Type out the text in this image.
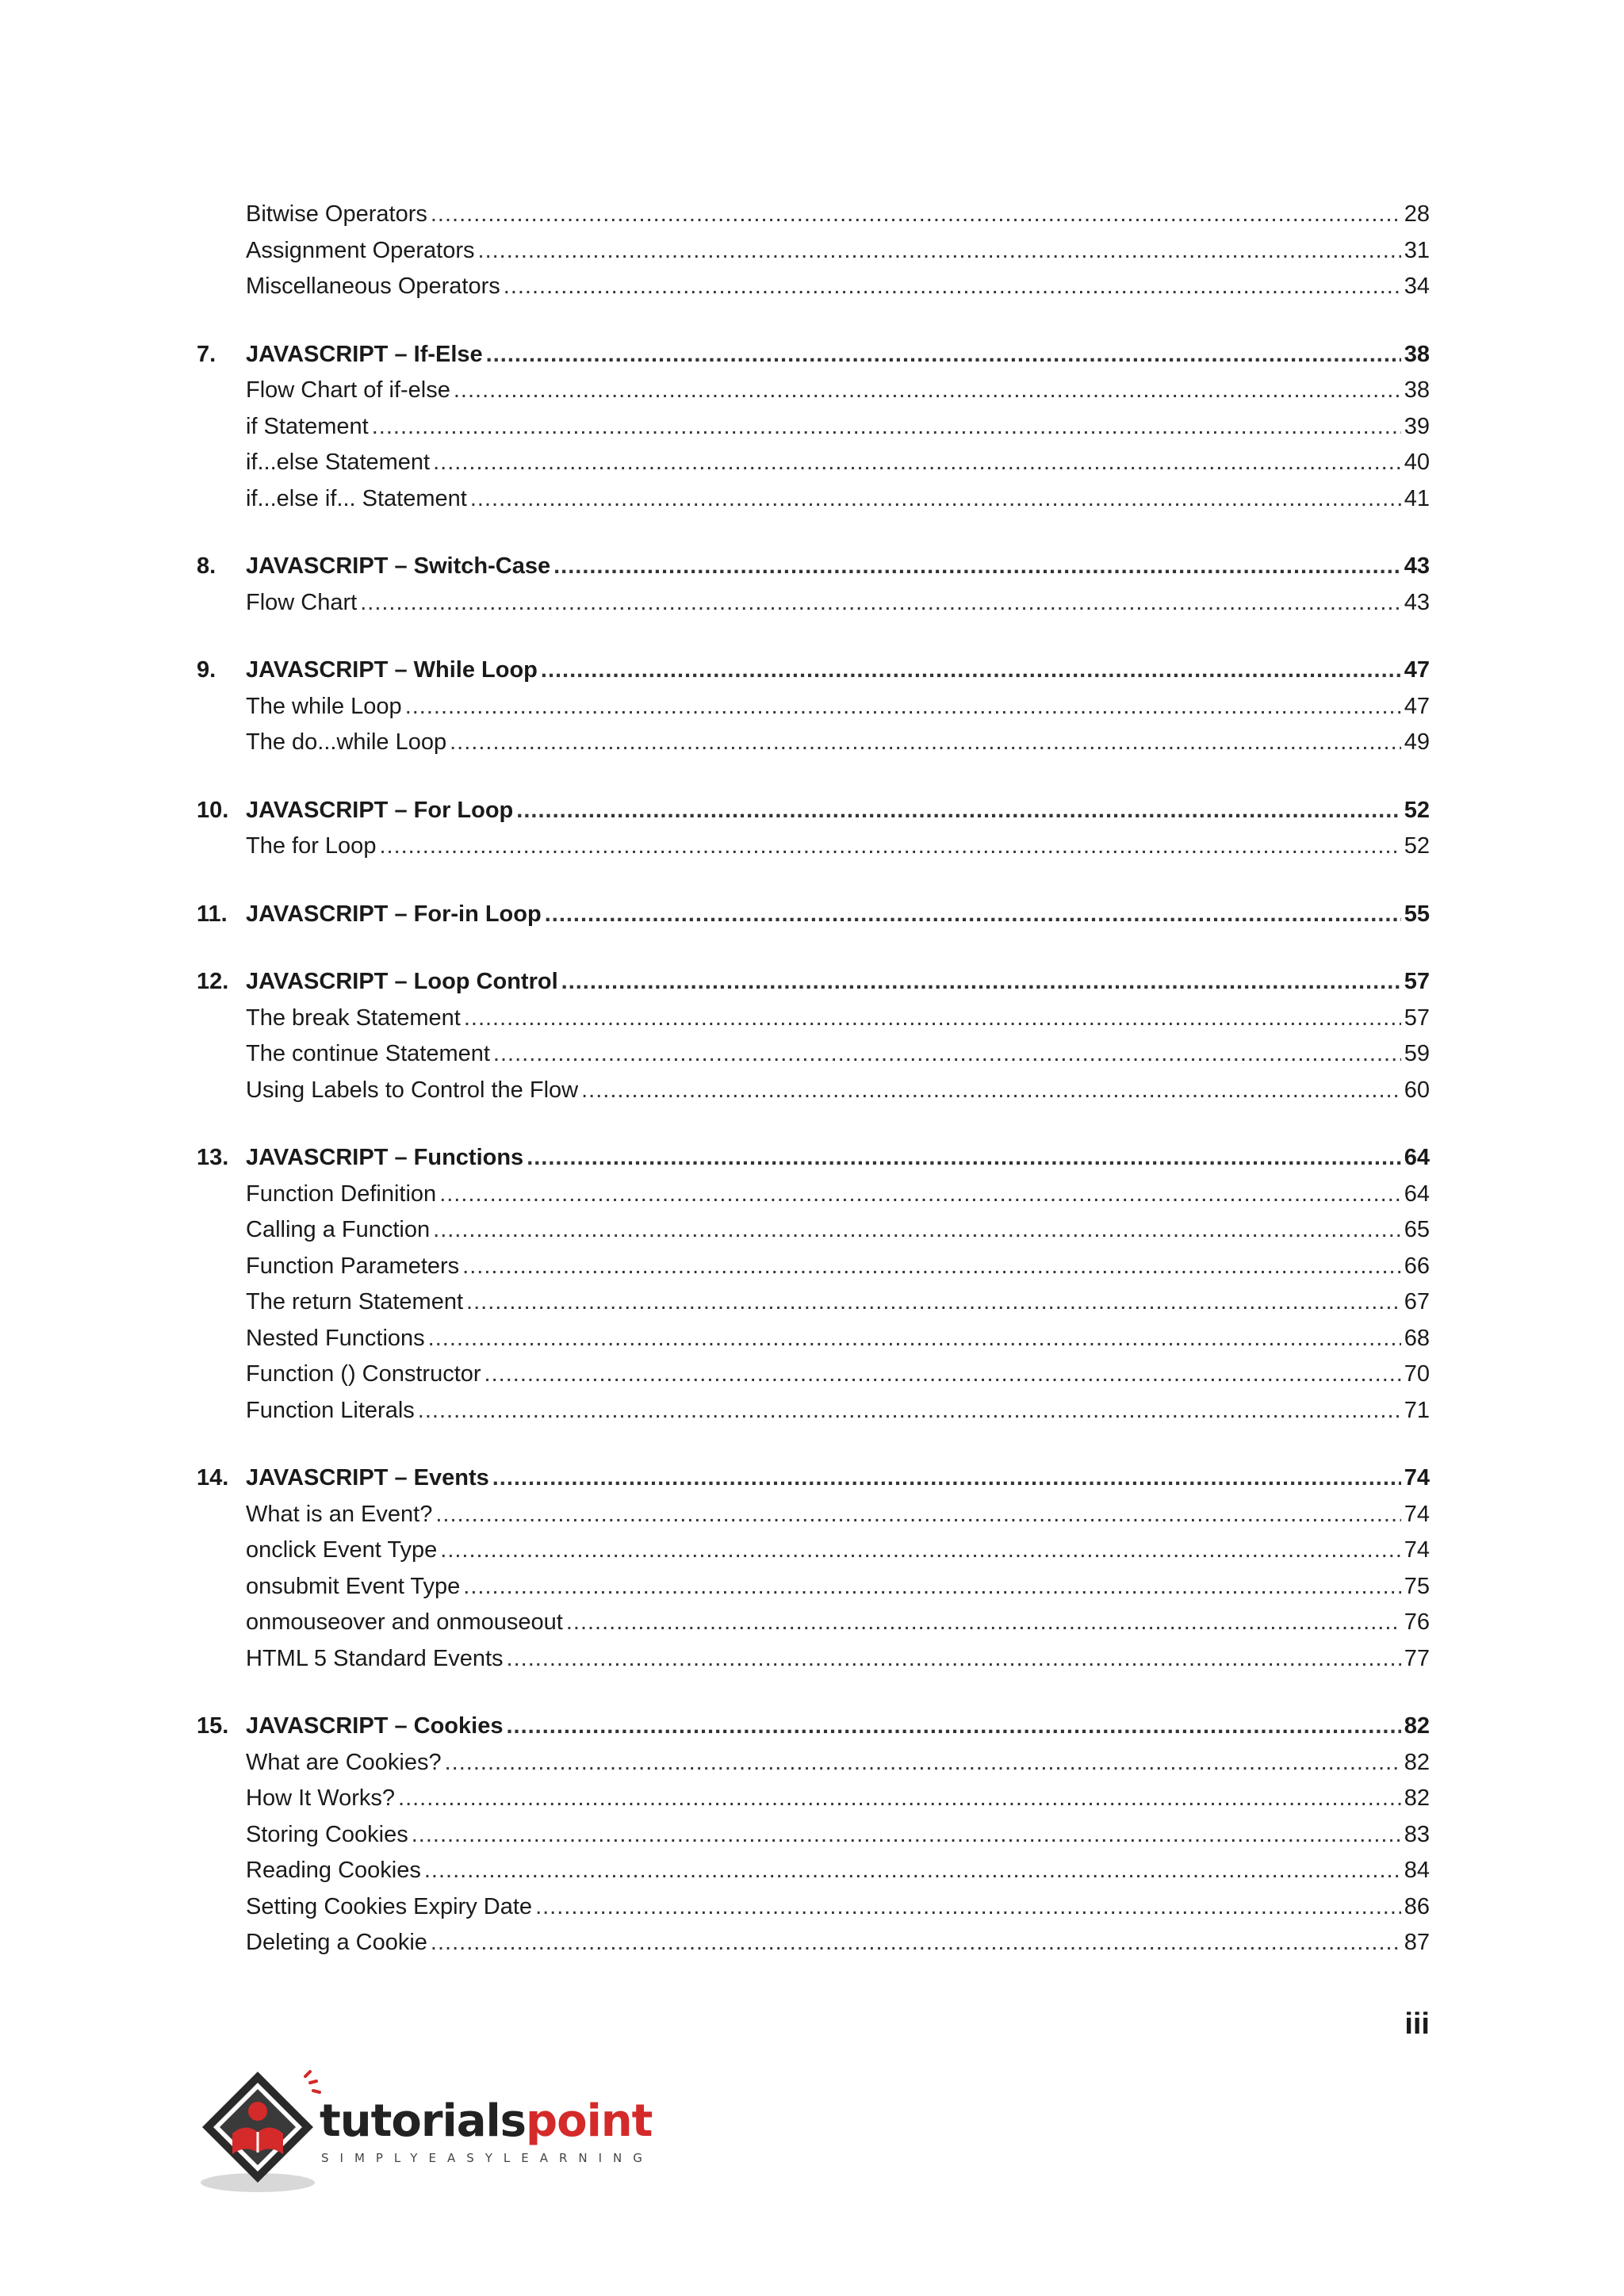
Bitwise Operators .....	28
Assignment Operators .....	31
Miscellaneous Operators .....	34
7.	JAVASCRIPT – If-Else .....	38
Flow Chart of if-else .....	38
if Statement .....	39
if...else Statement .....	40
if...else if... Statement .....	41
8.	JAVASCRIPT – Switch-Case .....	43
Flow Chart .....	43
9.	JAVASCRIPT – While Loop .....	47
The while Loop .....	47
The do...while Loop .....	49
10. JAVASCRIPT – For Loop .....	52
The for Loop .....	52
11. JAVASCRIPT – For-in Loop .....	55
12. JAVASCRIPT – Loop Control .....	57
The break Statement .....	57
The continue Statement .....	59
Using Labels to Control the Flow .....	60
13. JAVASCRIPT – Functions .....	64
Function Definition .....	64
Calling a Function .....	65
Function Parameters .....	66
The return Statement .....	67
Nested Functions .....	68
Function () Constructor .....	70
Function Literals .....	71
14. JAVASCRIPT – Events .....	74
What is an Event? .....	74
onclick Event Type .....	74
onsubmit Event Type .....	75
onmouseover and onmouseout .....	76
HTML 5 Standard Events .....	77
15. JAVASCRIPT – Cookies .....	82
What are Cookies? .....	82
How It Works? .....	82
Storing Cookies .....	83
Reading Cookies .....	84
Setting Cookies Expiry Date .....	86
Deleting a Cookie .....	87
iii
tutorialspoint
SIMPLYEASYLEARNING
